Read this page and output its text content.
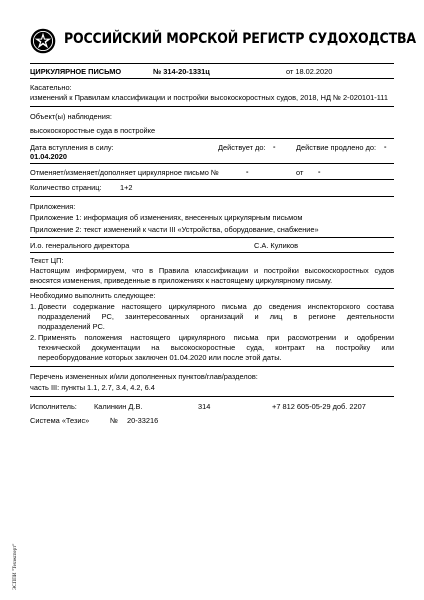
РОССИЙСКИЙ МОРСКОЙ РЕГИСТР СУДОХОДСТВА
ЦИРКУЛЯРНОЕ ПИСЬМО	№ 314-20-1331ц	от 18.02.2020
Касательно:
изменений к Правилам классификации и постройки высокоскоростных судов, 2018, НД № 2-020101-111
Объект(ы) наблюдения:
высокоскоростные суда в постройке
Дата вступления в силу:
01.04.2020
Действует до: -	Действие продлено до: -
Отменяет/изменяет/дополняет циркулярное письмо №	-	от -
Количество страниц: 1+2
Приложения:
Приложение 1: информация об изменениях, внесенных циркулярным письмом
Приложение 2: текст изменений к части III «Устройства, оборудование, снабжение»
И.о. генерального директора	С.А. Куликов
Текст ЦП:
Настоящим информируем, что в Правила классификации и постройки высокоскоростных судов
вносятся изменения, приведенные в приложениях к настоящему циркулярному письму.
Необходимо выполнить следующее:
1. Довести содержание настоящего циркулярного письма до сведения инспекторского состава
подразделений РС, заинтересованных организаций и лиц в регионе деятельности
подразделений РС.
2. Применять положения настоящего циркулярного письма при рассмотрении и одобрении
технической документации на высокоскоростные суда, контракт на постройку или
переоборудование которых заключен 01.04.2020 или после этой даты.
Перечень измененных и/или дополненных пунктов/глав/разделов:
часть III: пункты 1.1, 2.7, 3.4, 4.2, 6.4
Исполнитель: Калинкин Д.В.	314	+7 812 605-05-29 доб. 2207
Система «Тезис»	№ 20-33216
ЭСППИ "Техэксперт"
